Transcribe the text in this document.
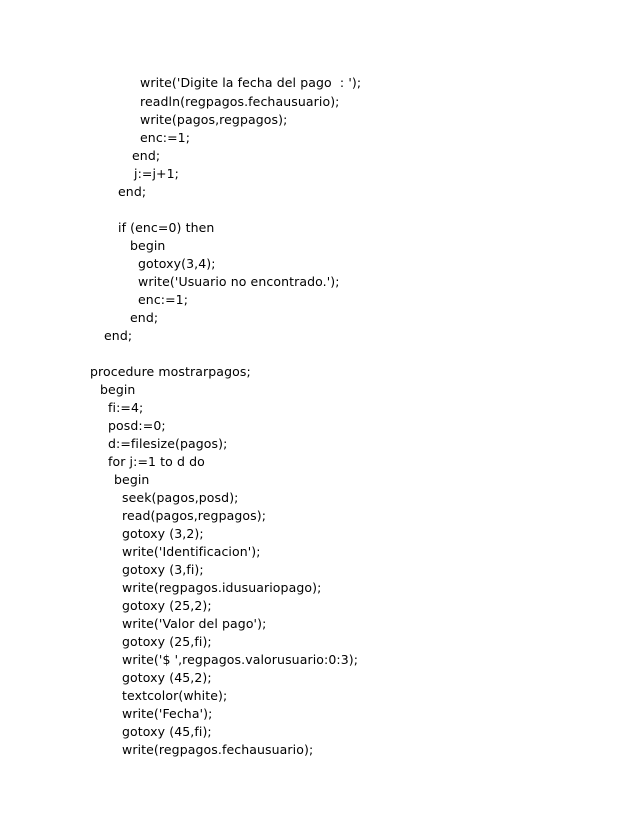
write('Digite la fecha del pago  : ');
readln(regpagos.fechausuario);
write(pagos,regpagos);
enc:=1;
end;
j:=j+1;
end;
if (enc=0) then
begin
gotoxy(3,4);
write('Usuario no encontrado.');
enc:=1;
end;
end;
procedure mostrarpagos;
begin
fi:=4;
posd:=0;
d:=filesize(pagos);
for j:=1 to d do
begin
seek(pagos,posd);
read(pagos,regpagos);
gotoxy (3,2);
write('Identificacion');
gotoxy (3,fi);
write(regpagos.idusuariopago);
gotoxy (25,2);
write('Valor del pago');
gotoxy (25,fi);
write('$ ',regpagos.valorusuario:0:3);
gotoxy (45,2);
textcolor(white);
write('Fecha');
gotoxy (45,fi);
write(regpagos.fechausuario);
